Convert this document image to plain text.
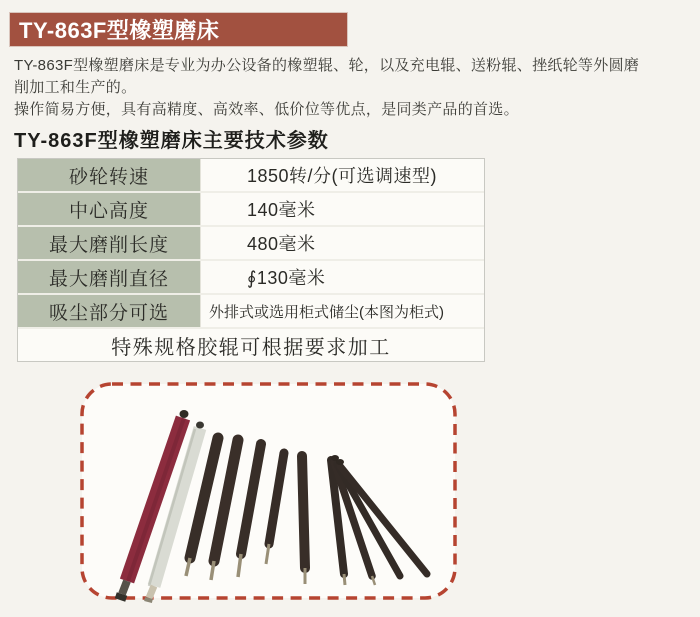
TY-863F型橡塑磨床
TY-863F型橡塑磨床是专业为办公设备的橡塑辊、轮，以及充电辊、送粉辊、挫纸轮等外圆磨
削加工和生产的。
操作简易方便，具有高精度、高效率、低价位等优点，是同类产品的首选。
TY-863F型橡塑磨床主要技术参数
砂轮转速	1850转/分(可选调速型)
中心高度	140毫米
最大磨削长度	480毫米
最大磨削直径	∮130毫米
吸尘部分可选	外排式或选用柜式储尘(本图为柜式)
特殊规格胶辊可根据要求加工
